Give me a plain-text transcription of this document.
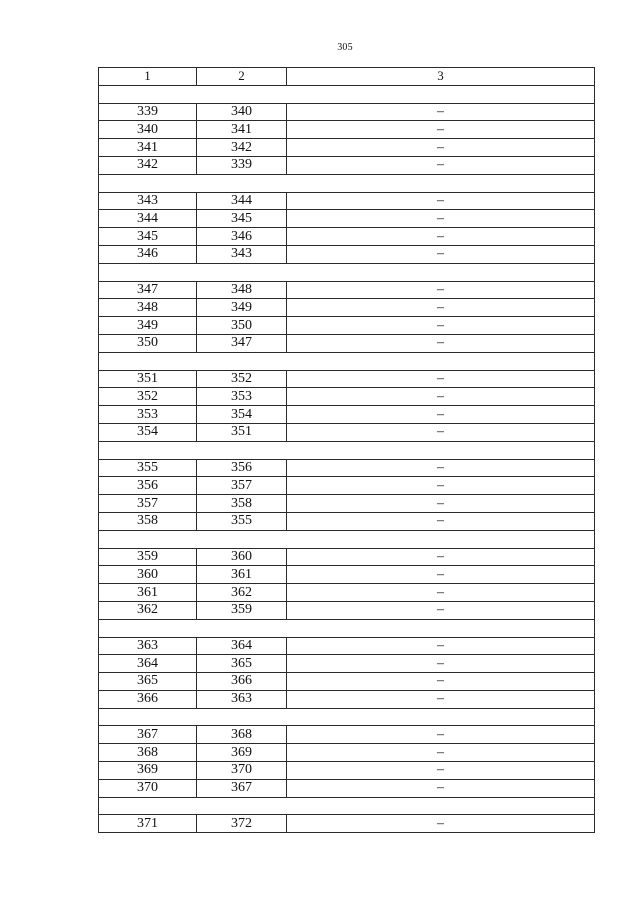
305
1	2	3

339	340	–
340	341	–
341	342	–
342	339	–

343	344	–
344	345	–
345	346	–
346	343	–

347	348	–
348	349	–
349	350	–
350	347	–

351	352	–
352	353	–
353	354	–
354	351	–

355	356	–
356	357	–
357	358	–
358	355	–

359	360	–
360	361	–
361	362	–
362	359	–

363	364	–
364	365	–
365	366	–
366	363	–

367	368	–
368	369	–
369	370	–
370	367	–

371	372	–
